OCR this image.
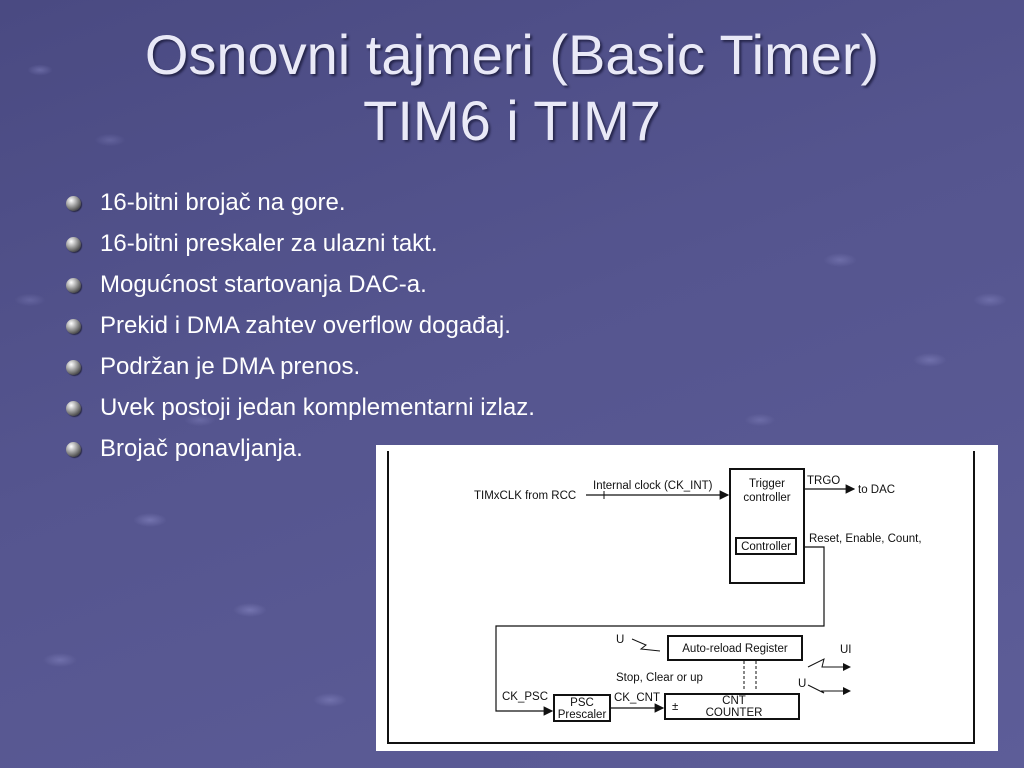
Osnovni tajmeri (Basic Timer)
TIM6 i TIM7
16-bitni brojač na gore.
16-bitni preskaler za ulazni takt.
Mogućnost startovanja DAC-a.
Prekid i DMA zahtev overflow događaj.
Podržan je DMA prenos.
Uvek postoji jedan komplementarni izlaz.
Brojač ponavljanja.
TIMxCLK from RCC
Internal clock (CK_INT)	Trigger
controller
Controller
TRGO
to DAC
Reset, Enable, Count,
CK_PSC
U
Auto-reload Register	UI
U
Stop, Clear or up
PSC
Prescaler
CK_CNT
±	CNT
COUNTER
